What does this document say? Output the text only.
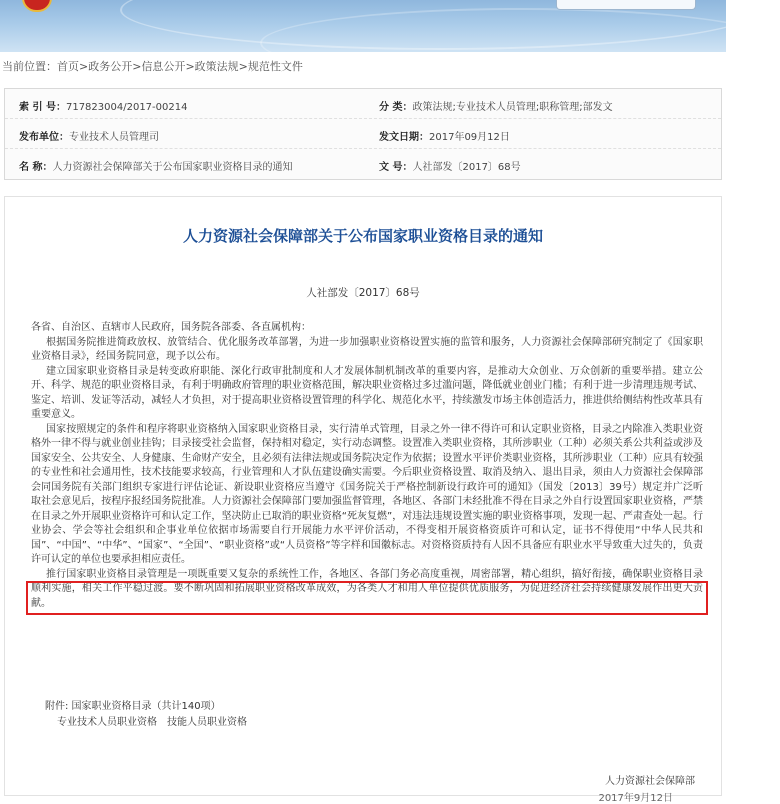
当前位置：首页>政务公开>信息公开>政策法规>规范性文件
索 引 号：717823004/2017-00214	分 类：政策法规;专业技术人员管理;职称管理;部发文
发布单位：专业技术人员管理司	发文日期：2017年09月12日
名 称：人力资源社会保障部关于公布国家职业资格目录的通知	文 号：人社部发〔2017〕68号
人力资源社会保障部关于公布国家职业资格目录的通知
人社部发〔2017〕68号

各省、自治区、直辖市人民政府，国务院各部委、各直属机构：

根据国务院推进简政放权、放管结合、优化服务改革部署，为进一步加强职业资格设置实施的监管和服务，人力资源社会保障部研究制定了《国家职业资格目录》，经国务院同意，现予以公布。

建立国家职业资格目录是转变政府职能、深化行政审批制度和人才发展体制机制改革的重要内容，是推动大众创业、万众创新的重要举措。建立公开、科学、规范的职业资格目录，有利于明确政府管理的职业资格范围，解决职业资格过多过滥问题，降低就业创业门槛；有利于进一步清理违规考试、鉴定、培训、发证等活动，减轻人才负担，对于提高职业资格设置管理的科学化、规范化水平，持续激发市场主体创造活力，推进供给侧结构性改革具有重要意义。

国家按照规定的条件和程序将职业资格纳入国家职业资格目录，实行清单式管理，目录之外一律不得许可和认定职业资格，目录之内除准入类职业资格外一律不得与就业创业挂钩；目录接受社会监督，保持相对稳定，实行动态调整。设置准入类职业资格，其所涉职业（工种）必须关系公共利益或涉及国家安全、公共安全、人身健康、生命财产安全，且必须有法律法规或国务院决定作为依据；设置水平评价类职业资格，其所涉职业（工种）应具有较强的专业性和社会通用性，技术技能要求较高，行业管理和人才队伍建设确实需要。今后职业资格设置、取消及纳入、退出目录，须由人力资源社会保障部会同国务院有关部门组织专家进行评估论证、新设职业资格应当遵守《国务院关于严格控制新设行政许可的通知》（国发〔2013〕39号）规定并广泛听取社会意见后，按程序报经国务院批准。人力资源社会保障部门要加强监督管理，各地区、各部门未经批准不得在目录之外自行设置国家职业资格，严禁在目录之外开展职业资格许可和认定工作，坚决防止已取消的职业资格“死灰复燃”，对违法违规设置实施的职业资格事项，发现一起、严肃查处一起。行业协会、学会等社会组织和企事业单位依据市场需要自行开展能力水平评价活动，不得变相开展资格资质许可和认定，证书不得使用“中华人民共和国”、“中国”、“中华”、“国家”、“全国”、“职业资格”或“人员资格”等字样和国徽标志。对资格资质持有人因不具备应有职业水平导致重大过失的，负责许可认定的单位也要承担相应责任。

推行国家职业资格目录管理是一项既重要又复杂的系统性工作，各地区、各部门务必高度重视，周密部署，精心组织，搞好衔接，确保职业资格目录顺利实施，相关工作平稳过渡。要不断巩固和拓展职业资格改革成效，为各类人才和用人单位提供优质服务，为促进经济社会持续健康发展作出更大贡献。

附件: 国家职业资格目录（共计140项）
专业技术人员职业资格　技能人员职业资格
人力资源社会保障部
2017年9月12日
